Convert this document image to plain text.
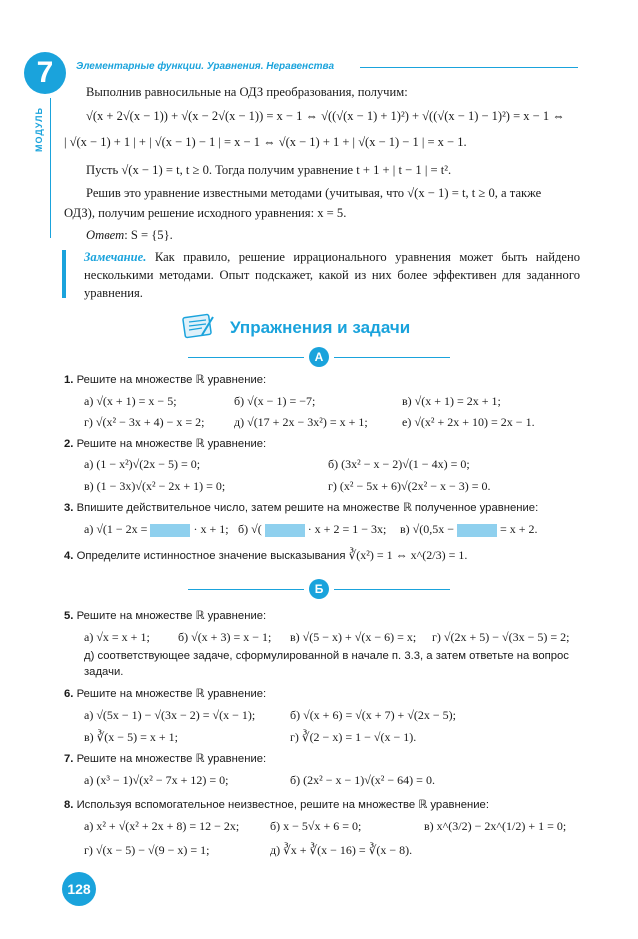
7
МОДУЛЬ
Элементарные функции. Уравнения. Неравенства
Выполнив равносильные на ОДЗ преобразования, получим:
√(x + 2√(x − 1)) + √(x − 2√(x − 1)) = x − 1 ⇔ √((√(x − 1) + 1)²) + √((√(x − 1) − 1)²) = x − 1 ⇔
| √(x − 1) + 1 | + | √(x − 1) − 1 | = x − 1 ⇔ √(x − 1) + 1 + | √(x − 1) − 1 | = x − 1.
Пусть √(x − 1) = t, t ≥ 0. Тогда получим уравнение t + 1 + | t − 1 | = t².
Решив это уравнение известными методами (учитывая, что √(x − 1) = t, t ≥ 0, а также
ОДЗ), получим решение исходного уравнения: x = 5.
Ответ: S = {5}.
Замечание. Как правило, решение иррационального уравнения может быть найдено несколькими методами. Опыт подскажет, какой из них более эффективен для заданного уравнения.
Упражнения и задачи
А
1. Решите на множестве ℝ уравнение:
а) √(x + 1) = x − 5;	б) √(x − 1) = −7;	в) √(x + 1) = 2x + 1;
г) √(x² − 3x + 4) − x = 2; д) √(17 + 2x − 3x²) = x + 1;	е) √(x² + 2x + 10) = 2x − 1.
2. Решите на множестве ℝ уравнение:
а) (1 − x²)√(2x − 5) = 0;	б) (3x² − x − 2)√(1 − 4x) = 0;
в) (1 − 3x)√(x² − 2x + 1) = 0;	г) (x² − 5x + 6)√(2x² − x − 3) = 0.
3. Впишите действительное число, затем решите на множестве ℝ полученное уравнение:
а) √(1 − 2x =	· x + 1; б) √(	· x + 2 = 1 − 3x; в) √(0,5x −	= x + 2.
4. Определите истинностное значение высказывания ∛(x²) = 1 ⇔ x^(2/3) = 1.
Б
5. Решите на множестве ℝ уравнение:
а) √x = x + 1; б) √(x + 3) = x − 1; в) √(5 − x) + √(x − 6) = x; г) √(2x + 5) − √(3x − 5) = 2;
д) соответствующее задаче, сформулированной в начале п. 3.3, а затем ответьте на вопрос задачи.
6. Решите на множестве ℝ уравнение:
а) √(5x − 1) − √(3x − 2) = √(x − 1);	б) √(x + 6) = √(x + 7) + √(2x − 5);
в) ∛(x − 5) = x + 1;	г) ∛(2 − x) = 1 − √(x − 1).
7. Решите на множестве ℝ уравнение:
а) (x³ − 1)√(x² − 7x + 12) = 0;	б) (2x² − x − 1)√(x² − 64) = 0.
8. Используя вспомогательное неизвестное, решите на множестве ℝ уравнение:
а) x² + √(x² + 2x + 8) = 12 − 2x;	б) x − 5√x + 6 = 0;	в) x^(3/2) − 2x^(1/2) + 1 = 0;
г) √(x − 5) − √(9 − x) = 1;	д) ∛x + ∛(x − 16) = ∛(x − 8).
128
